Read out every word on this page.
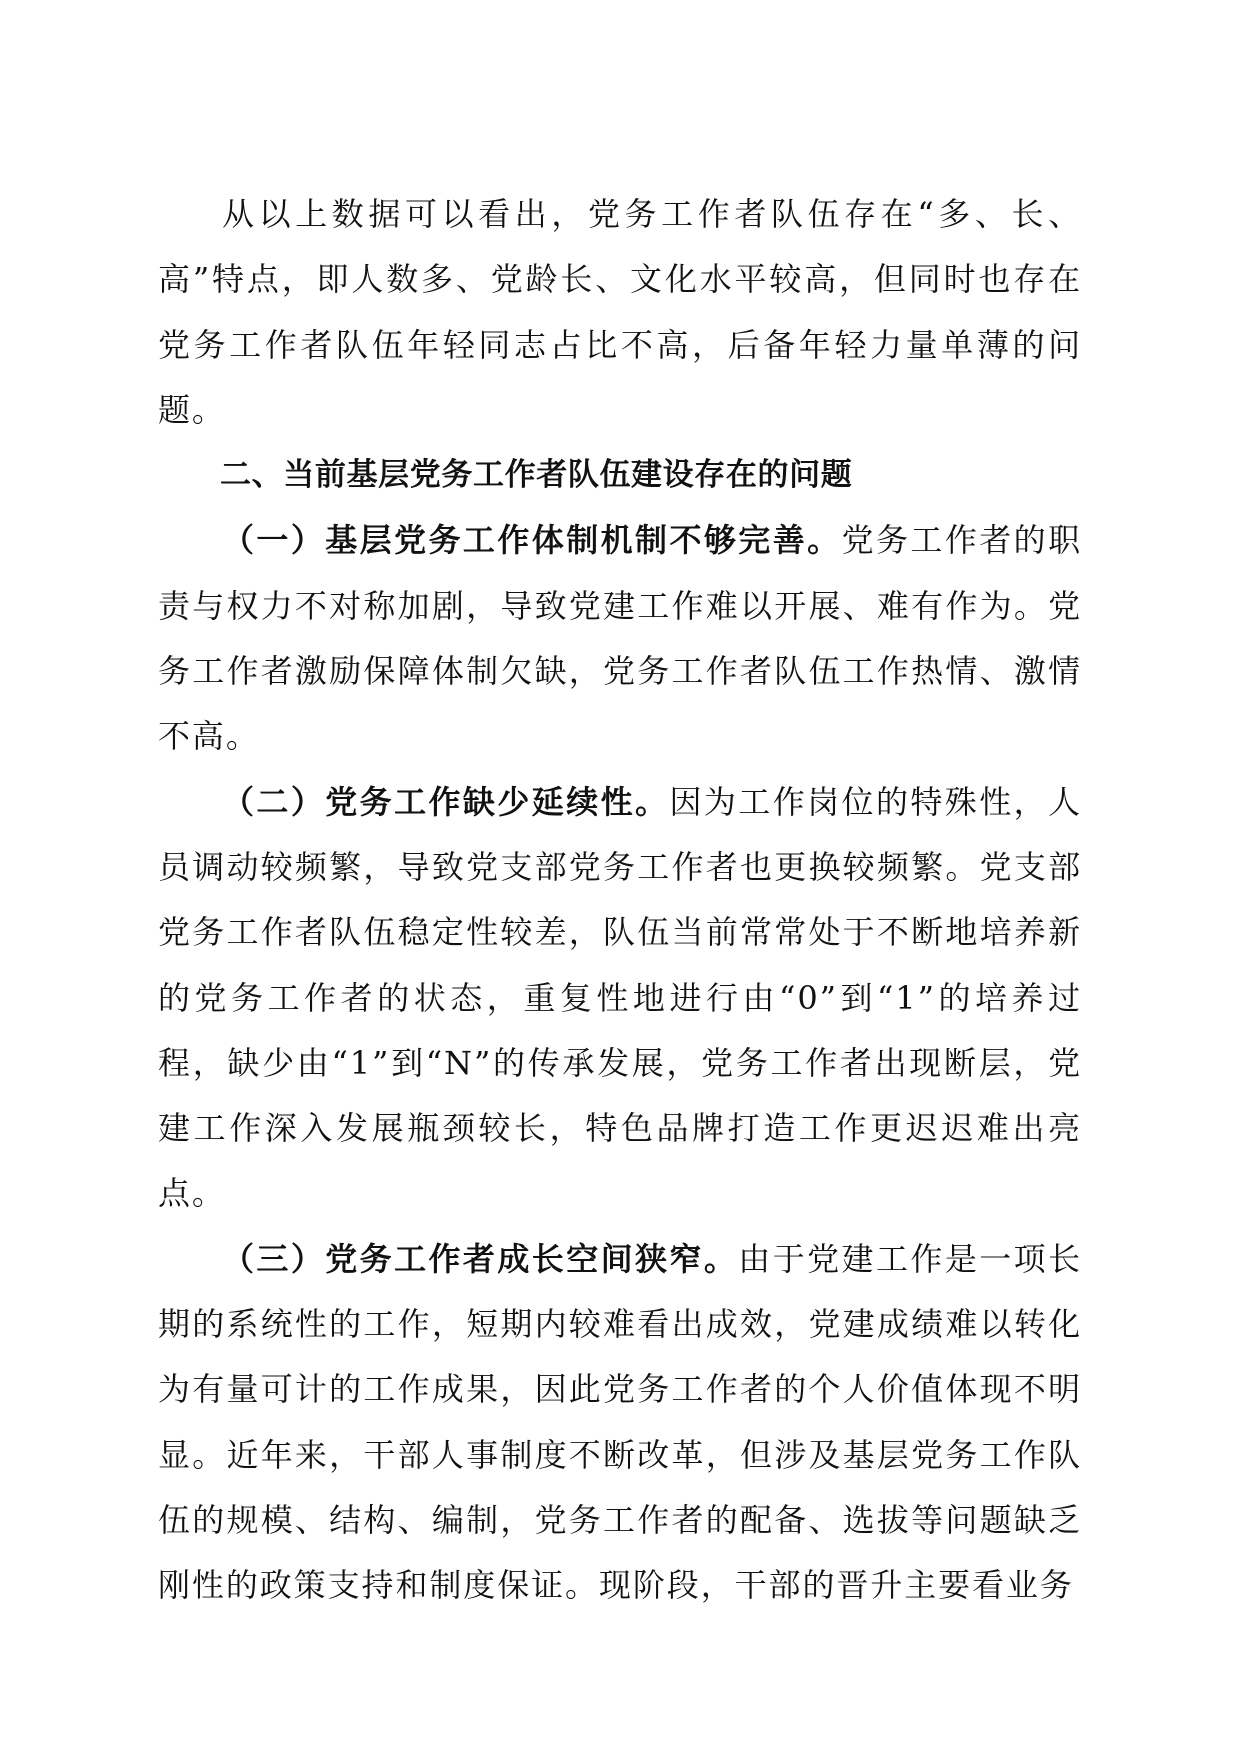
从以上数据可以看出，党务工作者队伍存在“多、长、高”特点，即人数多、党龄长、文化水平较高，但同时也存在党务工作者队伍年轻同志占比不高，后备年轻力量单薄的问题。

二、当前基层党务工作者队伍建设存在的问题

（一）基层党务工作体制机制不够完善。党务工作者的职责与权力不对称加剧，导致党建工作难以开展、难有作为。党务工作者激励保障体制欠缺，党务工作者队伍工作热情、激情不高。

（二）党务工作缺少延续性。因为工作岗位的特殊性，人员调动较频繁，导致党支部党务工作者也更换较频繁。党支部党务工作者队伍稳定性较差，队伍当前常常处于不断地培养新的党务工作者的状态，重复性地进行由“0”到“1”的培养过程，缺少由“1”到“N”的传承发展，党务工作者出现断层，党建工作深入发展瓶颈较长，特色品牌打造工作更迟迟难出亮点。

（三）党务工作者成长空间狭窄。由于党建工作是一项长期的系统性的工作，短期内较难看出成效，党建成绩难以转化为有量可计的工作成果，因此党务工作者的个人价值体现不明显。近年来，干部人事制度不断改革，但涉及基层党务工作队伍的规模、结构、编制，党务工作者的配备、选拔等问题缺乏刚性的政策支持和制度保证。现阶段，干部的晋升主要看业务
